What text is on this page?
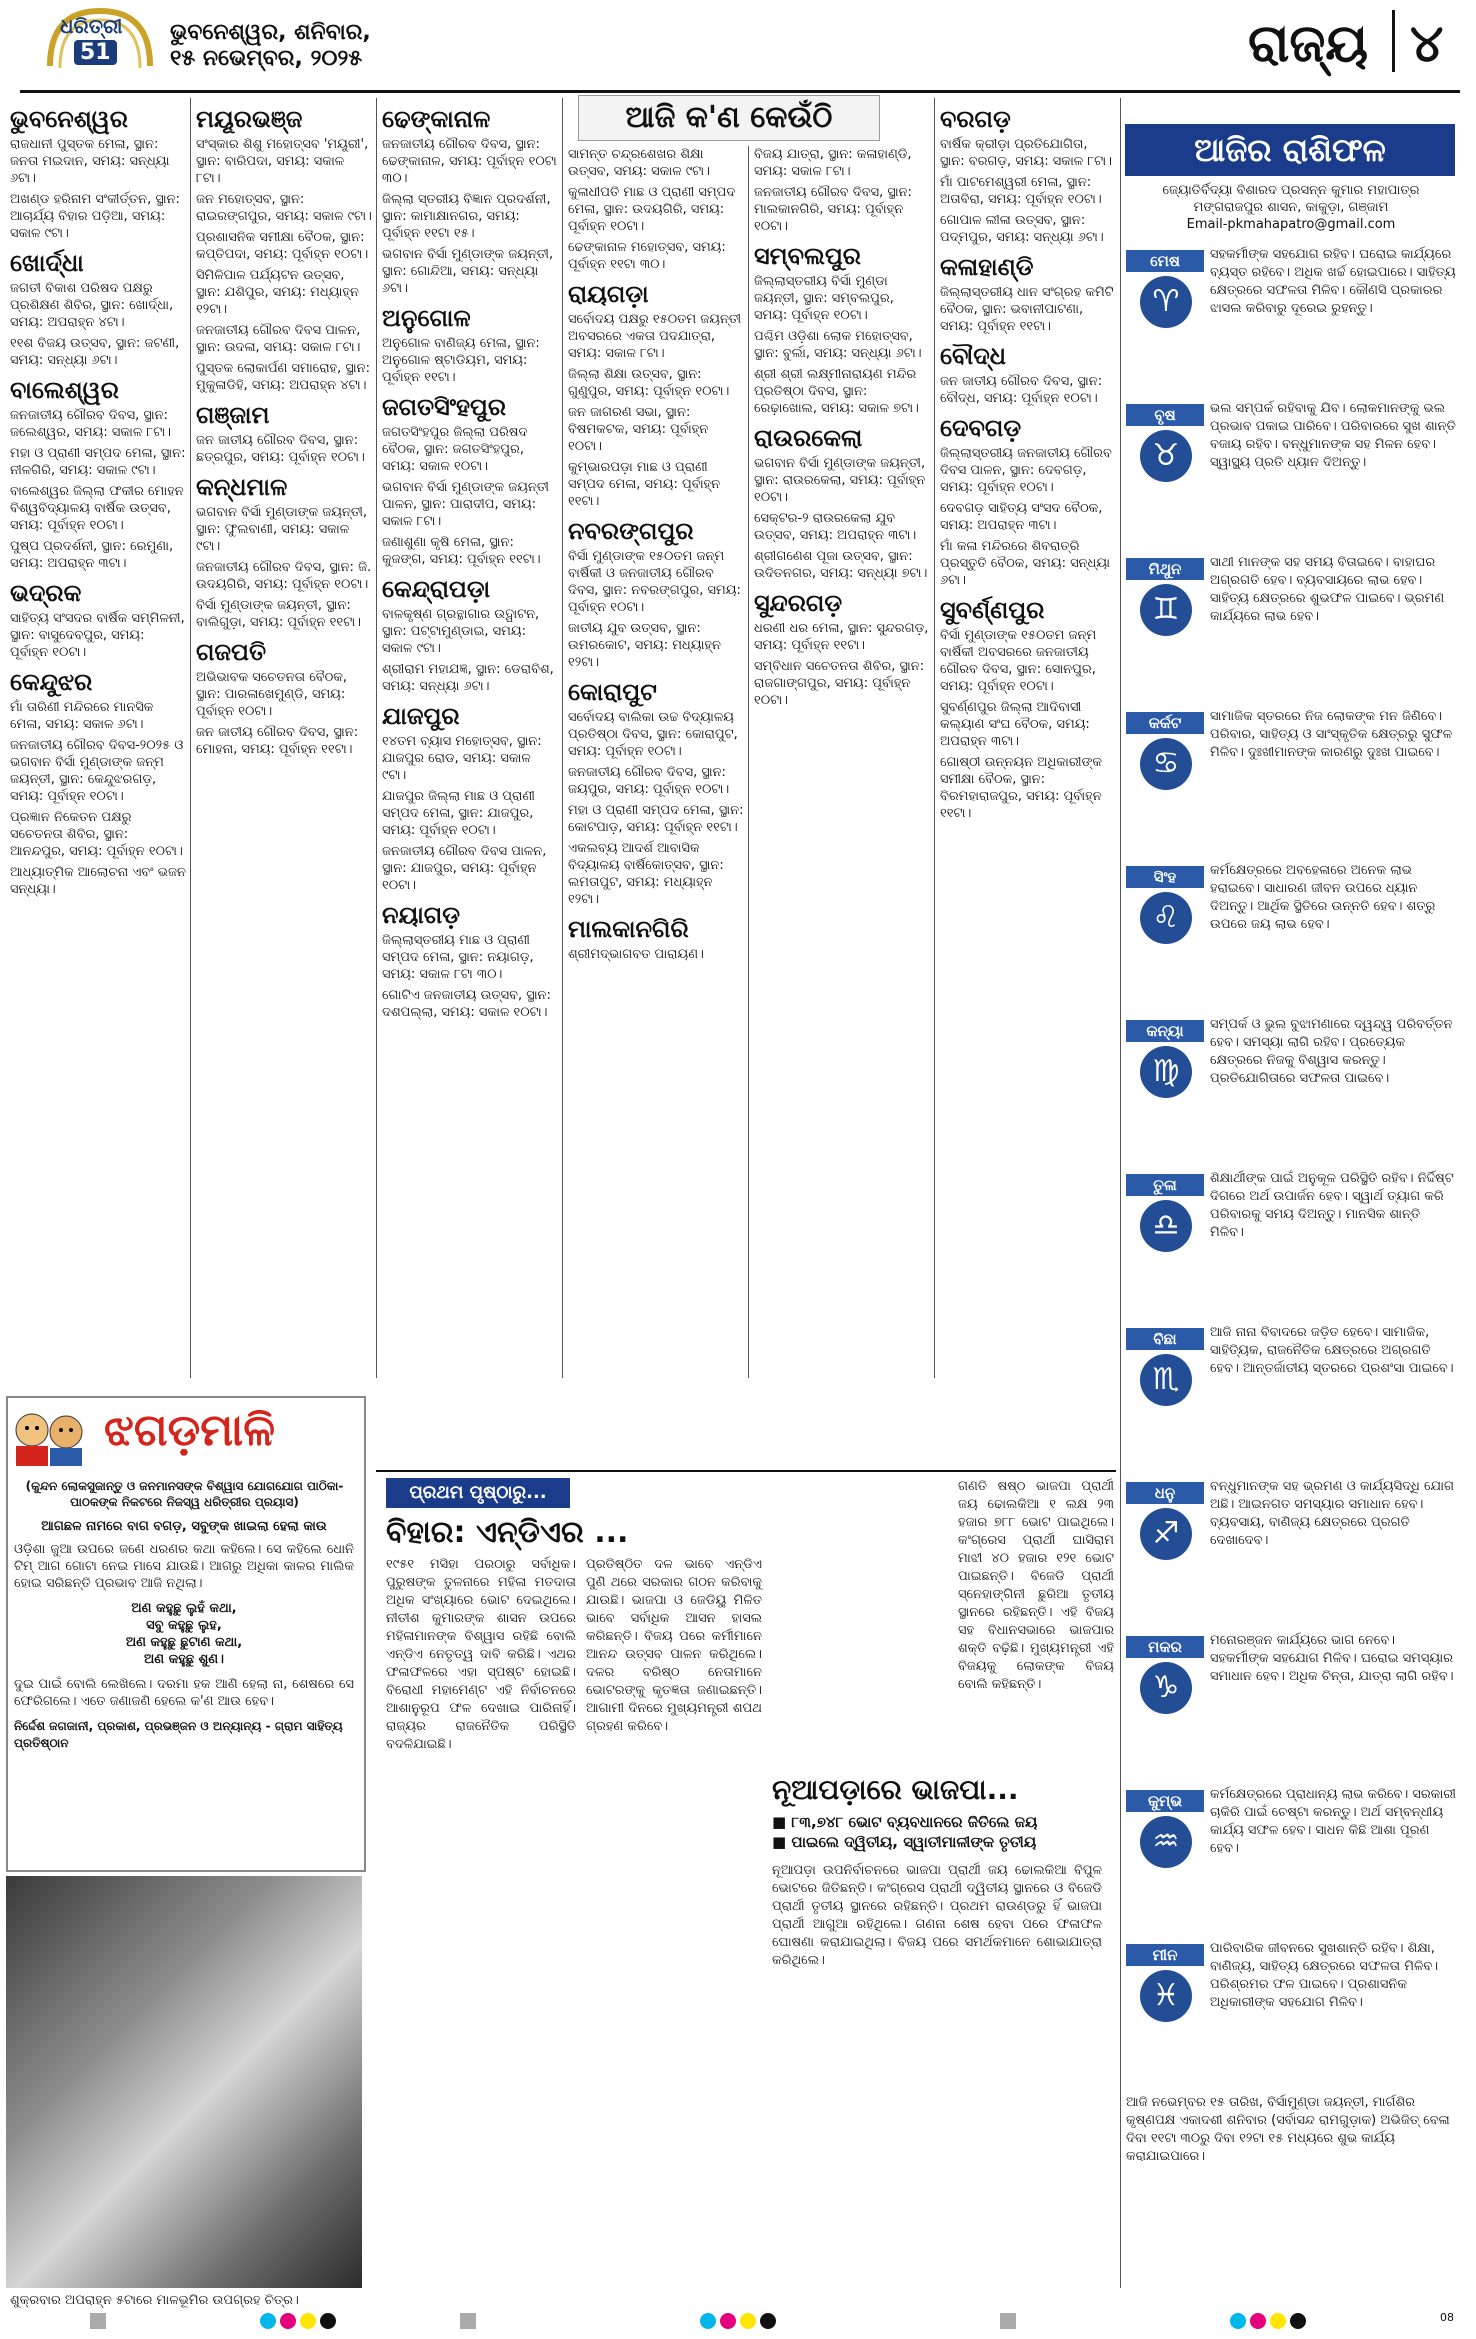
ଧରିତ୍ରୀ
51
ଭୁବନେଶ୍ୱର, ଶନିବାର,
୧୫ ନଭେମ୍ବର, ୨୦୨୫	ରାଜ୍ୟ ୪
ଆଜି କ'ଣ କେଉଁଠି
ଭୁବନେଶ୍ୱର

ରାଜଧାନୀ ପୁସ୍ତକ ମେଳା, ସ୍ଥାନ: ଜନତା ମଇଦାନ, ସମୟ: ସନ୍ଧ୍ୟା ୬ଟା।

ଅଖଣ୍ଡ ହରିନାମ ସଂକୀର୍ତ୍ତନ, ସ୍ଥାନ: ଆଚାର୍ଯ୍ୟ ବିହାର ପଡ଼ିଆ, ସମୟ: ସକାଳ ୯ଟା।

ଖୋର୍ଦ୍ଧା

ଜଗତୀ ବିକାଶ ପରିଷଦ ପକ୍ଷରୁ ପ୍ରଶିକ୍ଷଣ ଶିବିର, ସ୍ଥାନ: ଖୋର୍ଦ୍ଧା, ସମୟ: ଅପରାହ୍ନ ୪ଟା।

୧୧ଶ ବିଜୟ ଉତ୍ସବ, ସ୍ଥାନ: ଜଟଣୀ, ସମୟ: ସନ୍ଧ୍ୟା ୬ଟା।

ବାଲେଶ୍ୱର

ଜନଜାତୀୟ ଗୌରବ ଦିବସ, ସ୍ଥାନ: ଜଲେଶ୍ୱର, ସମୟ: ସକାଳ ୮ଟା।

ମହା ଓ ପ୍ରାଣୀ ସମ୍ପଦ ମେଳା, ସ୍ଥାନ: ନୀଳଗିରି, ସମୟ: ସକାଳ ୯ଟା।

ବାଲେଶ୍ୱର ଜିଲ୍ଲା ଫକୀର ମୋହନ ବିଶ୍ୱବିଦ୍ୟାଳୟ ବାର୍ଷିକ ଉତ୍ସବ, ସମୟ: ପୂର୍ବାହ୍ନ ୧୦ଟା।

ପୁଷ୍ପ ପ୍ରଦର୍ଶନୀ, ସ୍ଥାନ: ରେମୁଣା, ସମୟ: ଅପରାହ୍ନ ୩ଟା।

ଭଦ୍ରକ

ସାହିତ୍ୟ ସଂସଦର ବାର୍ଷିକ ସମ୍ମିଳନୀ, ସ୍ଥାନ: ବାସୁଦେବପୁର, ସମୟ: ପୂର୍ବାହ୍ନ ୧୦ଟା।

କେନ୍ଦୁଝର

ମାଁ ତାରିଣୀ ମନ୍ଦିରରେ ମାନସିକ ମେଳା, ସମୟ: ସକାଳ ୬ଟା।

ଜନଜାତୀୟ ଗୌରବ ଦିବସ-୨୦୨୫ ଓ ଭଗବାନ ବିର୍ସା ମୁଣ୍ଡାଙ୍କ ଜନ୍ମ ଜୟନ୍ତୀ, ସ୍ଥାନ: କେନ୍ଦୁଝରଗଡ଼, ସମୟ: ପୂର୍ବାହ୍ନ ୧୦ଟା।

ପ୍ରଜ୍ଞାନ ନିକେତନ ପକ୍ଷରୁ ସଚେତନତା ଶିବିର, ସ୍ଥାନ: ଆନନ୍ଦପୁର, ସମୟ: ପୂର୍ବାହ୍ନ ୧୦ଟା।

ଆଧ୍ୟାତ୍ମିକ ଆଲୋଚନା ଏବଂ ଭଜନ ସନ୍ଧ୍ୟା।

ମୟୂରଭଞ୍ଜ

ସଂସ୍କାର ଶିଶୁ ମହୋତ୍ସବ 'ମୟୂରୀ', ସ୍ଥାନ: ବାରିପଦା, ସମୟ: ସକାଳ ୮ଟା।

ଜନ ମହୋତ୍ସବ, ସ୍ଥାନ: ରାଇରଙ୍ଗପୁର, ସମୟ: ସକାଳ ୯ଟା।

ପ୍ରଶାସନିକ ସମୀକ୍ଷା ବୈଠକ, ସ୍ଥାନ: କପ୍ତିପଦା, ସମୟ: ପୂର୍ବାହ୍ନ ୧୦ଟା।

ସିମିଳିପାଳ ପର୍ଯ୍ୟଟନ ଉତ୍ସବ, ସ୍ଥାନ: ଯଶିପୁର, ସମୟ: ମଧ୍ୟାହ୍ନ ୧୨ଟା।

ଜନଜାତୀୟ ଗୌରବ ଦିବସ ପାଳନ, ସ୍ଥାନ: ଉଦଳା, ସମୟ: ସକାଳ ୮ଟା।

ପୁସ୍ତକ ଲୋକାର୍ପଣ ସମାରୋହ, ସ୍ଥାନ: ମୁକୁଳାଡିହି, ସମୟ: ଅପରାହ୍ନ ୪ଟା।

ଗଞ୍ଜାମ

ଜନ ଜାତୀୟ ଗୌରବ ଦିବସ, ସ୍ଥାନ: ଛତ୍ରପୁର, ସମୟ: ପୂର୍ବାହ୍ନ ୧୦ଟା।

କନ୍ଧମାଳ

ଭଗବାନ ବିର୍ସା ମୁଣ୍ଡାଙ୍କ ଜୟନ୍ତୀ, ସ୍ଥାନ: ଫୁଲବାଣୀ, ସମୟ: ସକାଳ ୯ଟା।

ଜନଜାତୀୟ ଗୌରବ ଦିବସ, ସ୍ଥାନ: ଜି. ଉଦୟଗିରି, ସମୟ: ପୂର୍ବାହ୍ନ ୧୦ଟା।

ବିର୍ସା ମୁଣ୍ଡାଙ୍କ ଜୟନ୍ତୀ, ସ୍ଥାନ: ବାଲିଗୁଡ଼ା, ସମୟ: ପୂର୍ବାହ୍ନ ୧୧ଟା।

ଗଜପତି

ଅଭିଭାବକ ସଚେତନତା ବୈଠକ, ସ୍ଥାନ: ପାରଳାଖେମୁଣ୍ଡି, ସମୟ: ପୂର୍ବାହ୍ନ ୧୦ଟା।

ଜନ ଜାତୀୟ ଗୌରବ ଦିବସ, ସ୍ଥାନ: ମୋହନା, ସମୟ: ପୂର୍ବାହ୍ନ ୧୧ଟା।

ଢେଙ୍କାନାଳ

ଜନଜାତୀୟ ଗୌରବ ଦିବସ, ସ୍ଥାନ: ଢେଙ୍କାନାଳ, ସମୟ: ପୂର୍ବାହ୍ନ ୧୦ଟା ୩୦।

ଜିଲ୍ଲା ସ୍ତରୀୟ ବିଜ୍ଞାନ ପ୍ରଦର୍ଶନୀ, ସ୍ଥାନ: କାମାକ୍ଷାନଗର, ସମୟ: ପୂର୍ବାହ୍ନ ୧୧ଟା ୧୫।

ଭଗବାନ ବିର୍ସା ମୁଣ୍ଡାଙ୍କ ଜୟନ୍ତୀ, ସ୍ଥାନ: ଗୋନ୍ଦିଆ, ସମୟ: ସନ୍ଧ୍ୟା ୬ଟା।

ଅନୁଗୋଳ

ଅନୁଗୋଳ ବାଣିଜ୍ୟ ମେଳା, ସ୍ଥାନ: ଅନୁଗୋଳ ଷ୍ଟାଡିୟମ, ସମୟ: ପୂର୍ବାହ୍ନ ୧୧ଟା।

ଜଗତସିଂହପୁର

ଜଗତସିଂହପୁର ଜିଲ୍ଲା ପରିଷଦ ବୈଠକ, ସ୍ଥାନ: ଜଗତସିଂହପୁର, ସମୟ: ସକାଳ ୧୦ଟା।

ଭଗବାନ ବିର୍ସା ମୁଣ୍ଡାଙ୍କ ଜୟନ୍ତୀ ପାଳନ, ସ୍ଥାନ: ପାରାଦୀପ, ସମୟ: ସକାଳ ୮ଟା।

ଜଣାଶୁଣା କୃଷି ମେଳା, ସ୍ଥାନ: କୁଜଙ୍ଗ, ସମୟ: ପୂର୍ବାହ୍ନ ୧୧ଟା।

କେନ୍ଦ୍ରାପଡ଼ା

ବାଳକୃଷ୍ଣ ଗ୍ରନ୍ଥାଗାର ଉଦ୍ଘାଟନ, ସ୍ଥାନ: ପଟ୍ଟାମୁଣ୍ଡାଇ, ସମୟ: ସକାଳ ୯ଟା।

ଶ୍ରୀରାମ ମହାଯଜ୍ଞ, ସ୍ଥାନ: ଡେରାବିଶ, ସମୟ: ସନ୍ଧ୍ୟା ୬ଟା।

ଯାଜପୁର

୧୪ତମ ବ୍ୟାସ ମହୋତ୍ସବ, ସ୍ଥାନ: ଯାଜପୁର ରୋଡ, ସମୟ: ସକାଳ ୯ଟା।

ଯାଜପୁର ଜିଲ୍ଲା ମାଛ ଓ ପ୍ରାଣୀ ସମ୍ପଦ ମେଳା, ସ୍ଥାନ: ଯାଜପୁର, ସମୟ: ପୂର୍ବାହ୍ନ ୧୦ଟା।

ଜନଜାତୀୟ ଗୌରବ ଦିବସ ପାଳନ, ସ୍ଥାନ: ଯାଜପୁର, ସମୟ: ପୂର୍ବାହ୍ନ ୧୦ଟା।

ନୟାଗଡ଼

ଜିଲ୍ଲାସ୍ତରୀୟ ମାଛ ଓ ପ୍ରାଣୀ ସମ୍ପଦ ମେଳା, ସ୍ଥାନ: ନୟାଗଡ଼, ସମୟ: ସକାଳ ୮ଟା ୩୦।

ଗୋଟିଏ ଜନଜାତୀୟ ଉତ୍ସବ, ସ୍ଥାନ: ଦଶପଲ୍ଲା, ସମୟ: ସକାଳ ୧୦ଟା।

ସାମନ୍ତ ଚନ୍ଦ୍ରଶେଖର ଶିକ୍ଷା ଉତ୍ସବ, ସମୟ: ସକାଳ ୯ଟା।

କୁଳାଧୀପତି ମାଛ ଓ ପ୍ରାଣୀ ସମ୍ପଦ ମେଳା, ସ୍ଥାନ: ଉଦୟଗିରି, ସମୟ: ପୂର୍ବାହ୍ନ ୧୦ଟା।

ଢେଙ୍କାନାଳ ମହୋତ୍ସବ, ସମୟ: ପୂର୍ବାହ୍ନ ୧୧ଟା ୩୦।

ରାୟଗଡ଼ା

ସର୍ବୋଦୟ ପକ୍ଷରୁ ୧୫୦ତମ ଜୟନ୍ତୀ ଅବସରରେ ଏକତା ପଦଯାତ୍ରା, ସମୟ: ସକାଳ ୮ଟା।

ଜିଲ୍ଲା ଶିକ୍ଷା ଉତ୍ସବ, ସ୍ଥାନ: ଗୁଣୁପୁର, ସମୟ: ପୂର୍ବାହ୍ନ ୧୦ଟା।

ଜନ ଜାଗରଣ ସଭା, ସ୍ଥାନ: ବିଷମକଟକ, ସମୟ: ପୂର୍ବାହ୍ନ ୧୦ଟା।

କୁମ୍ଭାରପଡ଼ା ମାଛ ଓ ପ୍ରାଣୀ ସମ୍ପଦ ମେଳା, ସମୟ: ପୂର୍ବାହ୍ନ ୧୧ଟା।

ନବରଙ୍ଗପୁର

ବିର୍ସା ମୁଣ୍ଡାଙ୍କ ୧୫୦ତମ ଜନ୍ମ ବାର୍ଷିକୀ ଓ ଜନଜାତୀୟ ଗୌରବ ଦିବସ, ସ୍ଥାନ: ନବରଙ୍ଗପୁର, ସମୟ: ପୂର୍ବାହ୍ନ ୧୦ଟା।

ଜାତୀୟ ଯୁବ ଉତ୍ସବ, ସ୍ଥାନ: ଉମରକୋଟ, ସମୟ: ମଧ୍ୟାହ୍ନ ୧୨ଟା।

କୋରାପୁଟ

ସର୍ବୋଦୟ ବାଲିକା ଉଚ୍ଚ ବିଦ୍ୟାଳୟ ପ୍ରତିଷ୍ଠା ଦିବସ, ସ୍ଥାନ: କୋରାପୁଟ, ସମୟ: ପୂର୍ବାହ୍ନ ୧୦ଟା।

ଜନଜାତୀୟ ଗୌରବ ଦିବସ, ସ୍ଥାନ: ଜୟପୁର, ସମୟ: ପୂର୍ବାହ୍ନ ୧୦ଟା।

ମହା ଓ ପ୍ରାଣୀ ସମ୍ପଦ ମେଳା, ସ୍ଥାନ: କୋଟପାଡ଼, ସମୟ: ପୂର୍ବାହ୍ନ ୧୧ଟା।

ଏକଲବ୍ୟ ଆଦର୍ଶ ଆବାସିକ ବିଦ୍ୟାଳୟ ବାର୍ଷିକୋତ୍ସବ, ସ୍ଥାନ: ଲମତାପୁଟ, ସମୟ: ମଧ୍ୟାହ୍ନ ୧୨ଟା।

ମାଲକାନଗିରି

ଶ୍ରୀମଦ୍ଭାଗବତ ପାରାୟଣ।

ବିଜୟ ଯାତ୍ରା, ସ୍ଥାନ: କଳାହାଣ୍ଡି, ସମୟ: ସକାଳ ୮ଟା।

ଜନଜାତୀୟ ଗୌରବ ଦିବସ, ସ୍ଥାନ: ମାଲକାନଗିରି, ସମୟ: ପୂର୍ବାହ୍ନ ୧୦ଟା।

ସମ୍ବଲପୁର

ଜିଲ୍ଲାସ୍ତରୀୟ ବିର୍ସା ମୁଣ୍ଡା ଜୟନ୍ତୀ, ସ୍ଥାନ: ସମ୍ବଲପୁର, ସମୟ: ପୂର୍ବାହ୍ନ ୧୦ଟା।

ପଶ୍ଚିମ ଓଡ଼ିଶା ଲୋକ ମହୋତ୍ସବ, ସ୍ଥାନ: ବୁର୍ଲା, ସମୟ: ସନ୍ଧ୍ୟା ୬ଟା।

ଶ୍ରୀ ଶ୍ରୀ ଲକ୍ଷ୍ମୀନାରାୟଣ ମନ୍ଦିର ପ୍ରତିଷ୍ଠା ଦିବସ, ସ୍ଥାନ: ରେଢ଼ାଖୋଲ, ସମୟ: ସକାଳ ୭ଟା।

ରାଉରକେଲା

ଭଗବାନ ବିର୍ସା ମୁଣ୍ଡାଙ୍କ ଜୟନ୍ତୀ, ସ୍ଥାନ: ରାଉରକେଲା, ସମୟ: ପୂର୍ବାହ୍ନ ୧୦ଟା।

ସେକ୍ଟର-୨ ରାଉରକେଲା ଯୁବ ଉତ୍ସବ, ସମୟ: ଅପରାହ୍ନ ୩ଟା।

ଶ୍ରୀଗଣେଶ ପୂଜା ଉତ୍ସବ, ସ୍ଥାନ: ଉଦିତନଗର, ସମୟ: ସନ୍ଧ୍ୟା ୭ଟା।

ସୁନ୍ଦରଗଡ଼

ଧରଣୀ ଧର ମେଳା, ସ୍ଥାନ: ସୁନ୍ଦରଗଡ଼, ସମୟ: ପୂର୍ବାହ୍ନ ୧୧ଟା।

ସମ୍ବିଧାନ ସଚେତନତା ଶିବିର, ସ୍ଥାନ: ରାଜଗାଙ୍ଗପୁର, ସମୟ: ପୂର୍ବାହ୍ନ ୧୦ଟା।

ବରଗଡ଼

ବାର୍ଷିକ କ୍ରୀଡ଼ା ପ୍ରତିଯୋଗିତା, ସ୍ଥାନ: ବରଗଡ଼, ସମୟ: ସକାଳ ୮ଟା।

ମାଁ ପାଟମେଶ୍ୱରୀ ମେଳା, ସ୍ଥାନ: ଅତାବିରା, ସମୟ: ପୂର୍ବାହ୍ନ ୧୦ଟା।

ଗୋପାଳ ଲୀଳା ଉତ୍ସବ, ସ୍ଥାନ: ପଦ୍ମପୁର, ସମୟ: ସନ୍ଧ୍ୟା ୬ଟା।

କଳାହାଣ୍ଡି

ଜିଲ୍ଲାସ୍ତରୀୟ ଧାନ ସଂଗ୍ରହ କମିଟି ବୈଠକ, ସ୍ଥାନ: ଭବାନୀପାଟଣା, ସମୟ: ପୂର୍ବାହ୍ନ ୧୧ଟା।

ବୌଦ୍ଧ

ଜନ ଜାତୀୟ ଗୌରବ ଦିବସ, ସ୍ଥାନ: ବୌଦ୍ଧ, ସମୟ: ପୂର୍ବାହ୍ନ ୧୦ଟା।

ଦେବଗଡ଼

ଜିଲ୍ଲାସ୍ତରୀୟ ଜନଜାତୀୟ ଗୌରବ ଦିବସ ପାଳନ, ସ୍ଥାନ: ଦେବଗଡ଼, ସମୟ: ପୂର୍ବାହ୍ନ ୧୦ଟା।

ଦେବଗଡ଼ ସାହିତ୍ୟ ସଂସଦ ବୈଠକ, ସମୟ: ଅପରାହ୍ନ ୩ଟା।

ମାଁ କଳା ମନ୍ଦିରରେ ଶିବରାତ୍ରି ପ୍ରସ୍ତୁତି ବୈଠକ, ସମୟ: ସନ୍ଧ୍ୟା ୬ଟା।

ସୁବର୍ଣ୍ଣପୁର

ବିର୍ସା ମୁଣ୍ଡାଙ୍କ ୧୫୦ତମ ଜନ୍ମ ବାର୍ଷିକୀ ଅବସରରେ ଜନଜାତୀୟ ଗୌରବ ଦିବସ, ସ୍ଥାନ: ସୋନପୁର, ସମୟ: ପୂର୍ବାହ୍ନ ୧୦ଟା।

ସୁବର୍ଣ୍ଣପୁର ଜିଲ୍ଲା ଆଦିବାସୀ କଲ୍ୟାଣ ସଂଘ ବୈଠକ, ସମୟ: ଅପରାହ୍ନ ୩ଟା।

ଗୋଷ୍ଠୀ ଉନ୍ନୟନ ଅଧିକାରୀଙ୍କ ସମୀକ୍ଷା ବୈଠକ, ସ୍ଥାନ: ବିରମହାରାଜପୁର, ସମୟ: ପୂର୍ବାହ୍ନ ୧୧ଟା।

ଆଜିର ରାଶିଫଳ
ଜ୍ୟୋତିର୍ବିଦ୍ୟା ବିଶାରଦ ପ୍ରସନ୍ନ କୁମାର ମହାପାତ୍ର
ମଙ୍ଗରାଜପୁର ଶାସନ, କାକୁଡ଼ା, ଗଞ୍ଜାମ
Email-pkmahapatro@gmail.com
ମେଷ
♈
ସହକର୍ମୀଙ୍କ ସହଯୋଗ ରହିବ। ଘରୋଇ କାର୍ଯ୍ୟରେ ବ୍ୟସ୍ତ ରହିବେ। ଅଧିକ ଖର୍ଚ୍ଚ ହୋଇପାରେ। ସାହିତ୍ୟ କ୍ଷେତ୍ରରେ ସଫଳତା ମିଳିବ। କୌଣସି ପ୍ରକାରର ଝାସଲ କରିବାରୁ ଦୂରେଇ ରୁହନ୍ତୁ।
ବୃଷ
♉
ଭଲ ସମ୍ପର୍କ ରହିବାକୁ ଯିବ। ଲୋକମାନଙ୍କୁ ଭଲ ପ୍ରଭାବ ପକାଇ ପାରିବେ। ପରିବାରରେ ସୁଖ ଶାନ୍ତି ବଜାୟ ରହିବ। ବନ୍ଧୁମାନଙ୍କ ସହ ମିଳନ ହେବ। ସ୍ୱାସ୍ଥ୍ୟ ପ୍ରତି ଧ୍ୟାନ ଦିଅନ୍ତୁ।
ମିଥୁନ
♊
ସାଥୀ ମାନଙ୍କ ସହ ସମୟ ବିତାଇବେ। ବାହାଘର ଅଗ୍ରଗତି ହେବ। ବ୍ୟବସାୟରେ ଲାଭ ହେବ। ସାହିତ୍ୟ କ୍ଷେତ୍ରରେ ଶୁଭଫଳ ପାଇବେ। ଭ୍ରମଣ କାର୍ଯ୍ୟରେ ଲାଭ ହେବ।
କର୍କଟ
♋
ସାମାଜିକ ସ୍ତରରେ ନିଜ ଲୋକଙ୍କ ମନ ଜିଣିବେ। ପରିବାର, ସାହିତ୍ୟ ଓ ସାଂସ୍କୃତିକ କ୍ଷେତ୍ରରୁ ସୁଫଳ ମିଳିବ। ଦୁଃଖୀମାନଙ୍କ କାରଣରୁ ଦୁଃଖ ପାଇବେ।
ସିଂହ
♌
କର୍ମକ୍ଷେତ୍ରରେ ଅବହେଳାରେ ଅନେକ ଲାଭ ହରାଇବେ। ସାଧାରଣ ଜୀବନ ଉପରେ ଧ୍ୟାନ ଦିଅନ୍ତୁ। ଆର୍ଥିକ ସ୍ଥିତିରେ ଉନ୍ନତି ହେବ। ଶତ୍ରୁ ଉପରେ ଜୟ ଲାଭ ହେବ।
କନ୍ୟା
♍
ସମ୍ପର୍କ ଓ ଭୁଲ ବୁଝାମଣାରେ ଦ୍ୱନ୍ଦ୍ୱ ପରିବର୍ତ୍ତନ ହେବ। ସମସ୍ୟା ଲାଗି ରହିବ। ପ୍ରତ୍ୟେକ କ୍ଷେତ୍ରରେ ନିଜକୁ ବିଶ୍ୱାସ କରନ୍ତୁ। ପ୍ରତିଯୋଗିତାରେ ସଫଳତା ପାଇବେ।
ତୁଳା
♎
ଶିକ୍ଷାର୍ଥୀଙ୍କ ପାଇଁ ଅନୁକୂଳ ପରିସ୍ଥିତି ରହିବ। ନିର୍ଦ୍ଦିଷ୍ଟ ଦିଗରେ ଅର୍ଥ ଉପାର୍ଜନ ହେବ। ସ୍ୱାର୍ଥ ତ୍ୟାଗ କରି ପରିବାରକୁ ସମୟ ଦିଅନ୍ତୁ। ମାନସିକ ଶାନ୍ତି ମିଳିବ।
ବିଛା
♏
ଆଜି ନାନା ବିବାଦରେ ଜଡ଼ିତ ହେବେ। ସାମାଜିକ, ସାହିତ୍ୟିକ, ରାଜନୈତିକ କ୍ଷେତ୍ରରେ ଅଗ୍ରଗତି ହେବ। ଆନ୍ତର୍ଜାତୀୟ ସ୍ତରରେ ପ୍ରଶଂସା ପାଇବେ।
ଧନୁ
♐
ବନ୍ଧୁମାନଙ୍କ ସହ ଭ୍ରମଣ ଓ କାର୍ଯ୍ୟସିଦ୍ଧି ଯୋଗ ଅଛି। ଆଇନଗତ ସମସ୍ୟାର ସମାଧାନ ହେବ। ବ୍ୟବସାୟ, ବାଣିଜ୍ୟ କ୍ଷେତ୍ରରେ ପ୍ରଗତି ଦେଖାଦେବ।
ମକର
♑
ମନୋରଞ୍ଜନ କାର୍ଯ୍ୟରେ ଭାଗ ନେବେ। ସହକର୍ମୀଙ୍କ ସହଯୋଗ ମିଳିବ। ଘରୋଇ ସମସ୍ୟାର ସମାଧାନ ହେବ। ଅଧିକ ଚିନ୍ତା, ଯାତ୍ରା ଲାଗି ରହିବ।
କୁମ୍ଭ
♒
କର୍ମକ୍ଷେତ୍ରରେ ପ୍ରାଧାନ୍ୟ ଲାଭ କରିବେ। ସରକାରୀ ଚାକିରି ପାଇଁ ଚେଷ୍ଟା କରନ୍ତୁ। ଅର୍ଥ ସମ୍ବନ୍ଧୀୟ କାର୍ଯ୍ୟ ସଫଳ ହେବ। ସାଧନ କିଛି ଆଶା ପୂରଣ ହେବ।
ମୀନ
♓
ପାରିବାରିକ ଜୀବନରେ ସୁଖଶାନ୍ତି ରହିବ। ଶିକ୍ଷା, ବାଣିଜ୍ୟ, ସାହିତ୍ୟ କ୍ଷେତ୍ରରେ ସଫଳତା ମିଳିବ। ପରିଶ୍ରମର ଫଳ ପାଇବେ। ପ୍ରଶାସନିକ ଅଧିକାରୀଙ୍କ ସହଯୋଗ ମିଳିବ।
ଆଜି ନଭେମ୍ବର ୧୫ ତାରିଖ, ବିର୍ସାମୁଣ୍ଡା ଜୟନ୍ତୀ, ମାର୍ଗଶିର କୃଷ୍ଣପକ୍ଷ ଏକାଦଶୀ ଶନିବାର (ସର୍ବାସନ୍ଦ ରାମଗୁଡ଼ାକ) ଅଭିଜିତ୍ ବେଳା ଦିବା ୧୧ଟା ୩୦ରୁ ଦିବା ୧୨ଟା ୧୫ ମଧ୍ୟରେ ଶୁଭ କାର୍ଯ୍ୟ କରାଯାଇପାରେ।
ଝଗଡ଼ମାଳି
(କୁନ୍ଦନ ଲୋକସୁଜାନ୍ତୁ ଓ ଜନମାନସଙ୍କ ବିଶ୍ୱାସ ଯୋଗଯୋଗ ପାଠିକା-ପାଠକଙ୍କ ନିକଟରେ ନିଜସ୍ୱ ଧରିତ୍ରୀର ପ୍ରୟାସ)
ଆଗଛଳ ନାମରେ ବାଗ ବଗଡ଼, ସବୁଙ୍କ ଖାଇଲା ହେଲା କାଉ
ଓଡ଼ିଶା ଜୁଆ ଉପରେ ଜଣେ ଧରଣର କଥା କହିଲେ। ସେ କହିଲେ ଧୋନି ଟିମ୍ ଆଗ ଗୋଟା ନେଇ ମାସେ ଯାଉଛି। ଆଗରୁ ଅଧିକା କାଳର ମାଲିକ ହୋଇ ସରିଛନ୍ତି ପ୍ରଭାବ ଆଜି ନଥିଲା।
ଅଣ କହୁଛୁ ଲୁହଁ କଥା,
ସବୁ କହୁଛୁ ଲୁହ,
ଅଣ କହୁଛୁ ଛୁଟାଣ କଥା,
ଅଣ କହୁଛୁ ଶୁଣ।
ଦୁଇ ପାଇଁ ବୋଲି ଲେଖିଲେ। ଦରମା ହକ ଆଣି ହେଲା ନା, ଶେଷରେ ସେ ଫେରିଗଲେ। ଏତେ ଜଣାଜଣି ହେଲେ କ'ଣ ଆଉ ହେବ।
ନିର୍ଦ୍ଦେଶ ଜଗଜାନୀ, ପ୍ରକାଶ, ପ୍ରଭଞ୍ଜନ ଓ ଅନ୍ୟାନ୍ୟ - ଗ୍ରାମ ସାହିତ୍ୟ ପ୍ରତିଷ୍ଠାନ
ଶୁକ୍ରବାର ଅପରାହ୍ନ ୫ଟାରେ ମାଳଭୂମିର ଉପଗ୍ରହ ଚିତ୍ର।
ପ୍ରଥମ ପୃଷ୍ଠାରୁ...
ବିହାର: ଏନ୍‌ଡିଏର ...
୧୯୫୧ ମସିହା ପରଠାରୁ ସର୍ବାଧିକ। ପୁରୁଷଙ୍କ ତୁଳନାରେ ମହିଳା ମତଦାତା ଅଧିକ ସଂଖ୍ୟାରେ ଭୋଟ ଦେଇଥିଲେ। ନୀତୀଶ କୁମାରଙ୍କ ଶାସନ ଉପରେ ମହିଳାମାନଙ୍କ ବିଶ୍ୱାସ ରହିଛି ବୋଲି ଏନ୍‌ଡିଏ ନେତୃତ୍ୱ ଦାବି କରିଛି। ଏଥର ଫଳାଫଳରେ ଏହା ସ୍ପଷ୍ଟ ହୋଇଛି। ବିରୋଧୀ ମହାମେଣ୍ଟ ଏହି ନିର୍ବାଚନରେ ଆଶାନୁରୂପ ଫଳ ଦେଖାଇ ପାରିନାହିଁ। ରାଜ୍ୟର ରାଜନୈତିକ ପରିସ୍ଥିତି ବଦଳିଯାଇଛି।
ପ୍ରତିଷ୍ଠିତ ଦଳ ଭାବେ ଏନ୍‌ଡିଏ ପୁଣି ଥରେ ସରକାର ଗଠନ କରିବାକୁ ଯାଉଛି। ଭାଜପା ଓ ଜେଡିୟୁ ମିଳିତ ଭାବେ ସର୍ବାଧିକ ଆସନ ହାସଲ କରିଛନ୍ତି। ବିଜୟ ପରେ କର୍ମୀମାନେ ଆନନ୍ଦ ଉତ୍ସବ ପାଳନ କରିଥିଲେ। ଦଳର ବରିଷ୍ଠ ନେତାମାନେ ଭୋଟରଙ୍କୁ କୃତଜ୍ଞତା ଜଣାଇଛନ୍ତି। ଆଗାମୀ ଦିନରେ ମୁଖ୍ୟମନ୍ତ୍ରୀ ଶପଥ ଗ୍ରହଣ କରିବେ।
ନୂଆପଡ଼ାରେ ଭାଜପା...
■ ୮୩,୭୪୮ ଭୋଟ ବ୍ୟବଧାନରେ ଜିତିଲେ ଜୟ
■ ପାଇଲେ ଦ୍ୱିତୀୟ, ସ୍ୱାତୀମାଳୀଙ୍କ ତୃତୀୟ
ନୂଆପଡ଼ା ଉପନିର୍ବାଚନରେ ଭାଜପା ପ୍ରାର୍ଥୀ ଜୟ ଢୋଲକିଆ ବିପୁଳ ଭୋଟରେ ଜିତିଛନ୍ତି। କଂଗ୍ରେସ ପ୍ରାର୍ଥୀ ଦ୍ୱିତୀୟ ସ୍ଥାନରେ ଓ ବିଜେଡି ପ୍ରାର୍ଥୀ ତୃତୀୟ ସ୍ଥାନରେ ରହିଛନ୍ତି। ପ୍ରଥମ ରାଉଣ୍ଡରୁ ହିଁ ଭାଜପା ପ୍ରାର୍ଥୀ ଆଗୁଆ ରହିଥିଲେ। ଗଣନା ଶେଷ ହେବା ପରେ ଫଳାଫଳ ଘୋଷଣା କରାଯାଇଥିଲା। ବିଜୟ ପରେ ସମର୍ଥକମାନେ ଶୋଭାଯାତ୍ରା କରିଥିଲେ।
ଗଣତି ଷଷ୍ଠ ଭାଜପା ପ୍ରାର୍ଥୀ ଜୟ ଢୋଲକିଆ ୧ ଲକ୍ଷ ୨୩ ହଜାର ୭୮୮ ଭୋଟ ପାଇଥିଲେ। କଂଗ୍ରେସ ପ୍ରାର୍ଥୀ ଘାସିରାମ ମାଝୀ ୪୦ ହଜାର ୧୨୧ ଭୋଟ ପାଇଛନ୍ତି। ବିଜେଡି ପ୍ରାର୍ଥୀ ସ୍ନେହାଙ୍ଗିନୀ ଛୁରିଆ ତୃତୀୟ ସ୍ଥାନରେ ରହିଛନ୍ତି। ଏହି ବିଜୟ ସହ ବିଧାନସଭାରେ ଭାଜପାର ଶକ୍ତି ବଢ଼ିଛି। ମୁଖ୍ୟମନ୍ତ୍ରୀ ଏହି ବିଜୟକୁ ଲୋକଙ୍କ ବିଜୟ ବୋଲି କହିଛନ୍ତି।
08
